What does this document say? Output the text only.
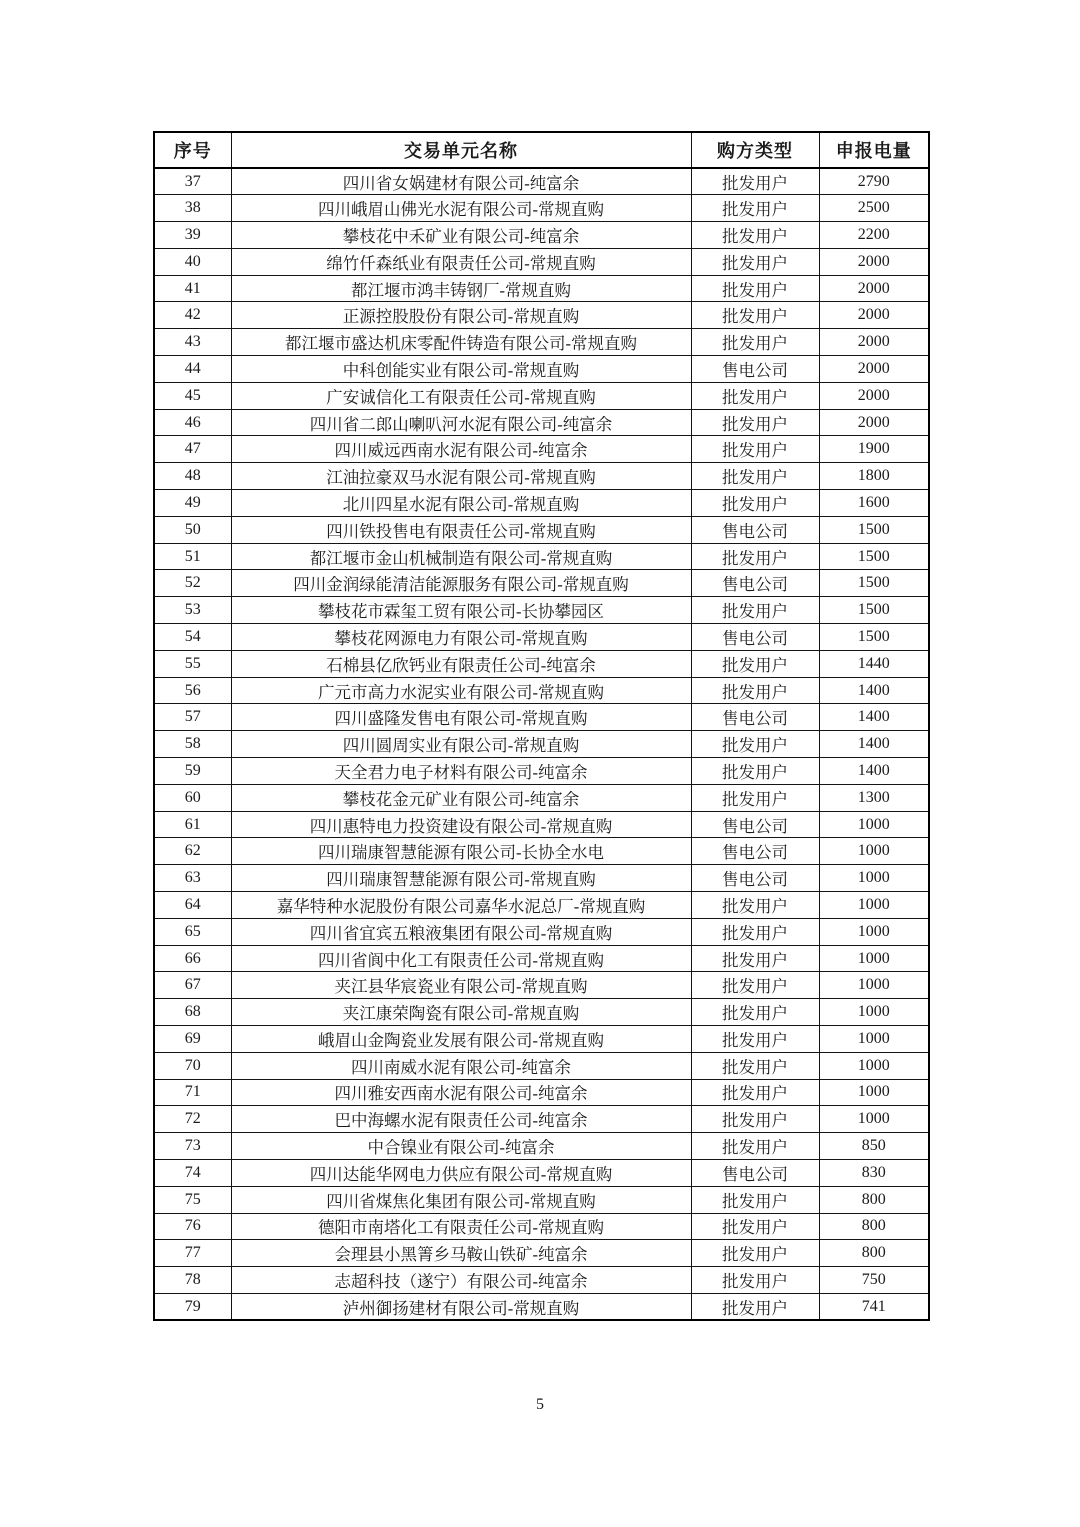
序号	交易单元名称	购方类型	申报电量
37	四川省女娲建材有限公司-纯富余	批发用户	2790
38	四川峨眉山佛光水泥有限公司-常规直购	批发用户	2500
39	攀枝花中禾矿业有限公司-纯富余	批发用户	2200
40	绵竹仟森纸业有限责任公司-常规直购	批发用户	2000
41	都江堰市鸿丰铸钢厂-常规直购	批发用户	2000
42	正源控股股份有限公司-常规直购	批发用户	2000
43	都江堰市盛达机床零配件铸造有限公司-常规直购	批发用户	2000
44	中科创能实业有限公司-常规直购	售电公司	2000
45	广安诚信化工有限责任公司-常规直购	批发用户	2000
46	四川省二郎山喇叭河水泥有限公司-纯富余	批发用户	2000
47	四川威远西南水泥有限公司-纯富余	批发用户	1900
48	江油拉豪双马水泥有限公司-常规直购	批发用户	1800
49	北川四星水泥有限公司-常规直购	批发用户	1600
50	四川铁投售电有限责任公司-常规直购	售电公司	1500
51	都江堰市金山机械制造有限公司-常规直购	批发用户	1500
52	四川金润绿能清洁能源服务有限公司-常规直购	售电公司	1500
53	攀枝花市霖玺工贸有限公司-长协攀园区	批发用户	1500
54	攀枝花网源电力有限公司-常规直购	售电公司	1500
55	石棉县亿欣钙业有限责任公司-纯富余	批发用户	1440
56	广元市高力水泥实业有限公司-常规直购	批发用户	1400
57	四川盛隆发售电有限公司-常规直购	售电公司	1400
58	四川圆周实业有限公司-常规直购	批发用户	1400
59	天全君力电子材料有限公司-纯富余	批发用户	1400
60	攀枝花金元矿业有限公司-纯富余	批发用户	1300
61	四川惠特电力投资建设有限公司-常规直购	售电公司	1000
62	四川瑞康智慧能源有限公司-长协全水电	售电公司	1000
63	四川瑞康智慧能源有限公司-常规直购	售电公司	1000
64	嘉华特种水泥股份有限公司嘉华水泥总厂-常规直购	批发用户	1000
65	四川省宜宾五粮液集团有限公司-常规直购	批发用户	1000
66	四川省阆中化工有限责任公司-常规直购	批发用户	1000
67	夹江县华宸瓷业有限公司-常规直购	批发用户	1000
68	夹江康荣陶瓷有限公司-常规直购	批发用户	1000
69	峨眉山金陶瓷业发展有限公司-常规直购	批发用户	1000
70	四川南威水泥有限公司-纯富余	批发用户	1000
71	四川雅安西南水泥有限公司-纯富余	批发用户	1000
72	巴中海螺水泥有限责任公司-纯富余	批发用户	1000
73	中合镍业有限公司-纯富余	批发用户	850
74	四川达能华网电力供应有限公司-常规直购	售电公司	830
75	四川省煤焦化集团有限公司-常规直购	批发用户	800
76	德阳市南塔化工有限责任公司-常规直购	批发用户	800
77	会理县小黑箐乡马鞍山铁矿-纯富余	批发用户	800
78	志超科技（遂宁）有限公司-纯富余	批发用户	750
79	泸州御扬建材有限公司-常规直购	批发用户	741
5
